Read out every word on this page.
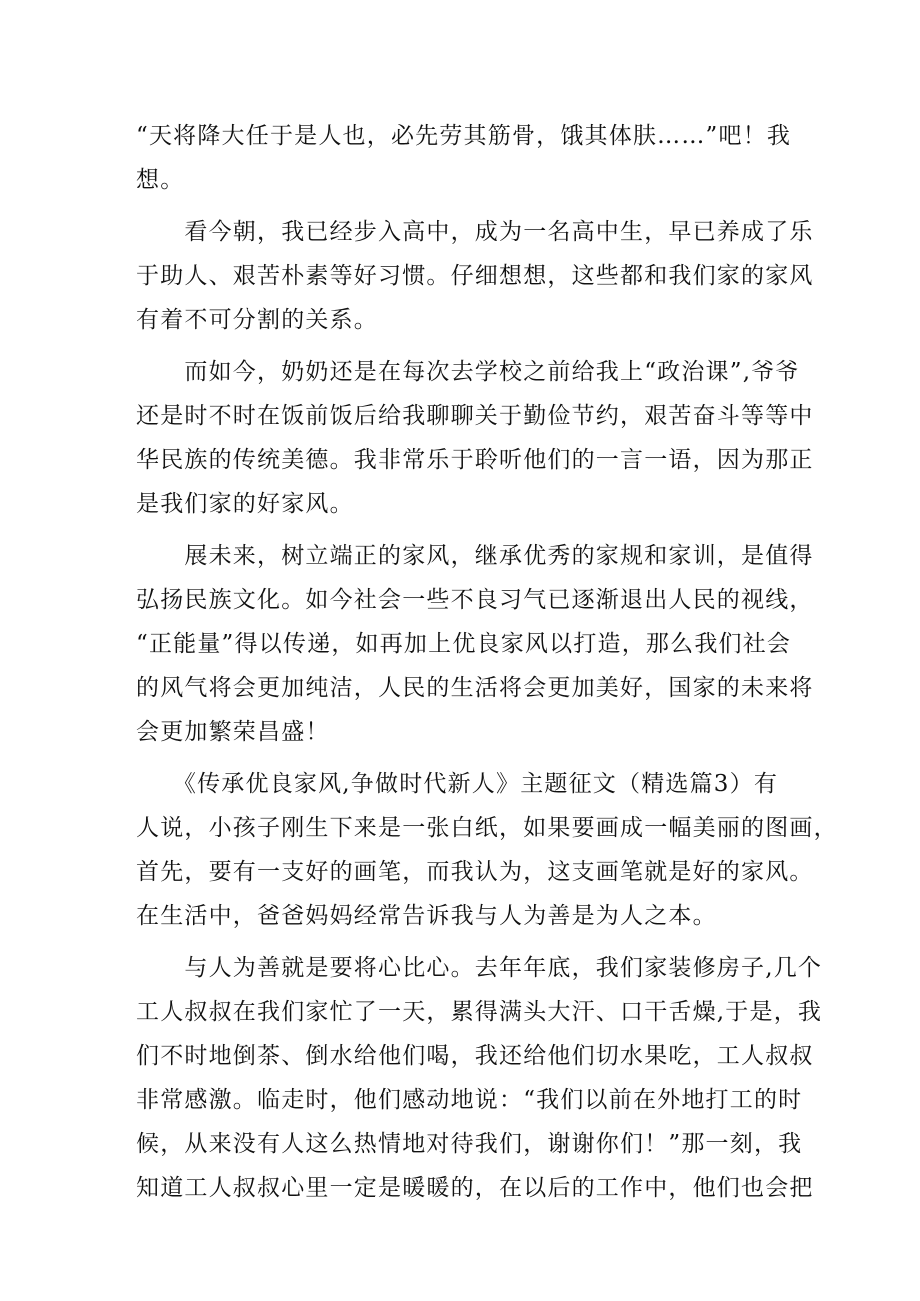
“天将降大任于是人也，必先劳其筋骨，饿其体肤……”吧！我
想。
　　看今朝，我已经步入高中，成为一名高中生，早已养成了乐
于助人、艰苦朴素等好习惯。仔细想想，这些都和我们家的家风
有着不可分割的关系。
　　而如今，奶奶还是在每次去学校之前给我上“政治课”,爷爷
还是时不时在饭前饭后给我聊聊关于勤俭节约，艰苦奋斗等等中
华民族的传统美德。我非常乐于聆听他们的一言一语，因为那正
是我们家的好家风。
　　展未来，树立端正的家风，继承优秀的家规和家训，是值得
弘扬民族文化。如今社会一些不良习气已逐渐退出人民的视线，
“正能量”得以传递，如再加上优良家风以打造，那么我们社会
的风气将会更加纯洁，人民的生活将会更加美好，国家的未来将
会更加繁荣昌盛！
　　《传承优良家风,争做时代新人》主题征文（精选篇3）有
人说，小孩子刚生下来是一张白纸，如果要画成一幅美丽的图画，
首先，要有一支好的画笔，而我认为，这支画笔就是好的家风。
在生活中，爸爸妈妈经常告诉我与人为善是为人之本。
　　与人为善就是要将心比心。去年年底，我们家装修房子,几个
工人叔叔在我们家忙了一天，累得满头大汗、口干舌燥,于是，我
们不时地倒茶、倒水给他们喝，我还给他们切水果吃，工人叔叔
非常感激。临走时，他们感动地说：“我们以前在外地打工的时
候，从来没有人这么热情地对待我们，谢谢你们！”那一刻，我
知道工人叔叔心里一定是暖暖的，在以后的工作中，他们也会把
